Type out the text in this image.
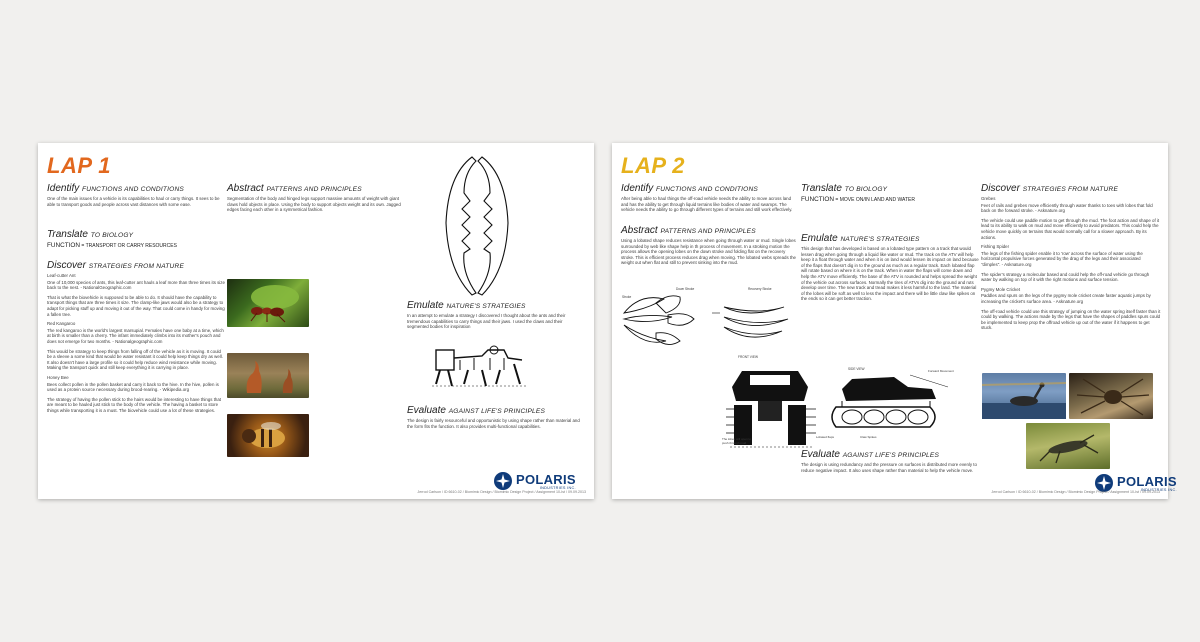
LAP 1
Identify FUNCTIONS AND CONDITIONS

One of the main issues for a vehicle is its capabilities to haul or carry things. It sees to be able to transport goods and people across vast distances with some ease.

Translate TO BIOLOGY
FUNCTION = TRANSPORT OR CARRY RESOURCES
Discover STRATEGIES FROM NATURE

Leaf-cutter Ant

One of 10,000 species of ants, this leaf-cutter ant hauls a leaf more than three times its size back to the nest. - NationalGeographic.com

That is what the biovehicle is supposed to be able to do. It should have the capability to transport things that are three times it size. The clamp-like jaws would also be a strategy to adapt for picking stuff up and moving it out of the way. That could come in handy for moving a fallen tree.

Red Kangaroo

The red kangaroo is the world's largest marsupial. Females have one baby at a time, which at birth is smaller than a cherry. The infant immediately climbs into its mother's pouch and does not emerge for two months. - Nationalgeographic.com

This would be strategy to keep things from falling off of the vehicle as it is moving. It could be a sleeve a some kind that would be water resistant it could help keep things dry as well. It also doesn't have a large profile so it could help reduce wind resistance while moving. Making the transport quick and still keep everything it is carrying in place.

Honey Bee

Bees collect pollen in the pollen basket and carry it back to the hive. In the hive, pollen is used as a protein source necessary during brood-rearing. - Wikipedia.org

The strategy of having the pollen stick to the hairs would be interesting to have things that are meant to be hauled just stick to the body of the vehicle. The having a basket to store things while transporting it is a must. The biovehicle could use a lot of these strategies.

Abstract PATTERNS AND PRINCIPLES

Segmentation of the body and hinged legs support massive amounts of weight with giant claws hold objects in place. Using the body to support objects weight and its own. Jagged edges facing each other in a symmetrical fashion.

Emulate NATURE'S STRATEGIES

In an attempt to emulate a strategy I discovered I thought about the ants and their tremendous capabilities to carry things and their jaws. I used the claws and their segmented bodies for inspiration

Evaluate AGAINST LIFE'S PRINCIPLES

The design is fairly resourceful and opportunistic by using shape rather than material and the form fits the function. It also provides multi-functional capabilities.

POLARIS
INDUSTRIES INC.
Jerrod Carlson / ID 6610-02 / Biomimic Design / Biomimic Design Project / Assignment 10-Ist / 09.09.2013
LAP 2
Identify FUNCTIONS AND CONDITIONS

After being able to haul things the off-road vehicle needs the ability to move across land and has the ability to get through liquid terrains like bodies of water and swamps. The vehicle needs the ability to go through different types of terrains and still work effectively.

Abstract PATTERNS AND PRINCIPLES

Using a lobated shape reduces resistance when going through water or mud. Single lobes surrounded by web like shape help in th process of movement. In a stroking motion the process allows the opening lobes on the down stroke and folding flat on the recovery stroke. This is efficient process reduces drag when moving. The lobated webs spreads the weight out when flat and still to prevent sinking into the mud.

Stroke
Down Stroke	Recovery Stroke
Translate TO BIOLOGY
FUNCTION = MOVE ON/IN LAND AND WATER
Emulate NATURE'S STRATEGIES

This design that has developed is based on a lobated type pattern on a track that would lessen drag when going through a liquid like water or mud. The track on the ATV will help keep it a float through water and when it is on land would lessen its impact on land because of the flaps that doesn't dig in to the ground as much as a regular track. Each lobated flap will rotate based on where it is on the track. When in water the flaps will come down and help the ATV move efficiently. The base of the ATV is rounded and helps spread the weight of the vehicle out across surfaces. Normally the tires of ATVs dig into the ground and ruts develop over time. The new track and tread makes it less harmful to the land. The material of the lobes will be soft as well to less the impact and there will be little claw like spikes on the ends so it can get better traction.

FRONT VIEW
The lobes will open to push through mud
SIDE VIEW	Forward Movement
Lobated flaps	Claw Spikes
Evaluate AGAINST LIFE'S PRINCIPLES

The design is using redundancy and the pressure on surfaces is distributed more evenly to reduce negative impact. It also uses shape rather than material to help the vehicle move.

Discover STRATEGIES FROM NATURE

Grebes

Feet of rails and grebes move efficiently through water thanks to toes with lobes that fold back on the forward stroke. - Asknature.org

The vehicle could use paddle motion to get through the mud. The foot action and shape of it lead to its ability to walk on mud and move efficiently to avoid predators. This could help the vehicle move quickly on terrains that would normally call for a slower approach. By its actions.

Fishing Spider

The legs of the fishing spider enable it to 'row' across the surface of water using the horizontal propulsive forces generated by the drag of the legs and their associated "dimples". - Asknature.org

The spider's strategy a molecular based and could help the off-road vehicle go through water by walking on top of it with the right motions and surface tension.

Pygmy Mole Cricket

Paddles and spurs on the legs of the pygmy mole cricket create faster aquatic jumps by increasing the cricket's surface area. - Asknature.org

The off-road vehicle could use this strategy of jumping on the water spring itself faster than it could by walking. The actions made by the legs that have the shapes of paddles spurs could be implemented to keep prop the offroad vehicle up out of the water if it happens to get stuck.

POLARIS
INDUSTRIES INC.
Jerrod Carlson / ID 6610-02 / Biomimic Design / Biomimic Design Project / Assignment 10-Ist / 09.09.2013
